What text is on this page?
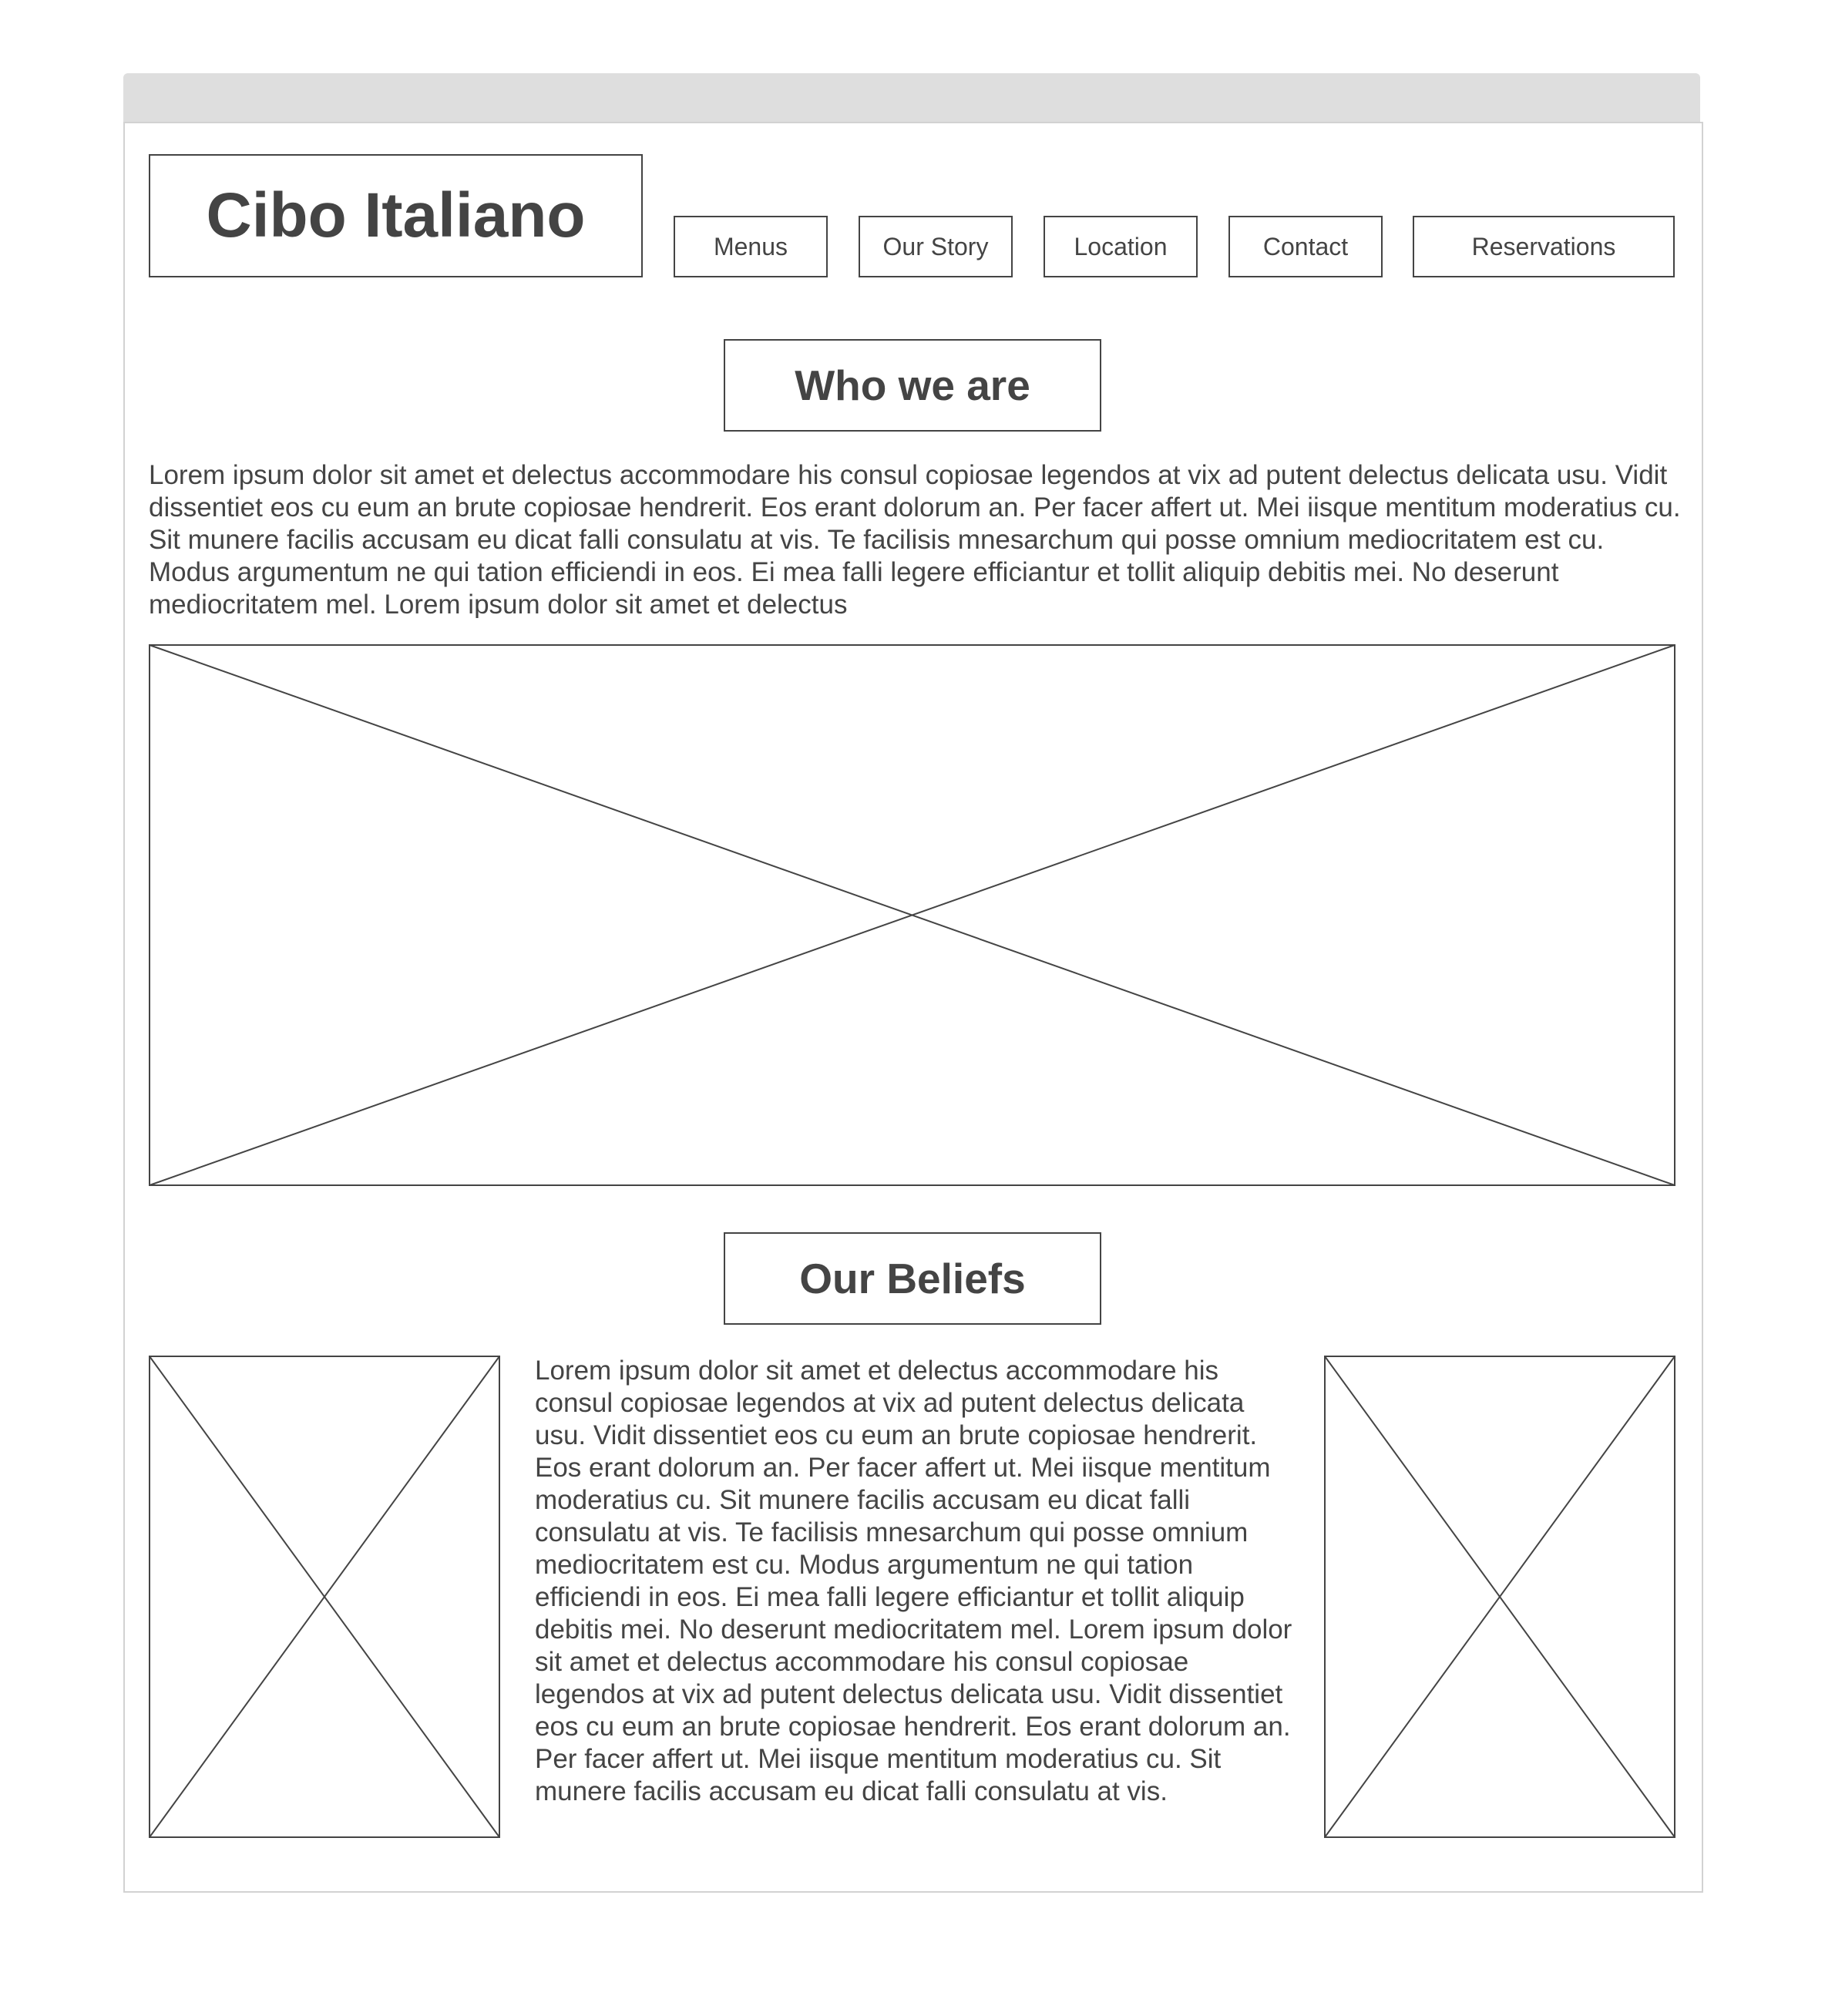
Cibo Italiano	Menus	Our Story	Location	Contact	Reservations
Who we are

Lorem ipsum dolor sit amet et delectus accommodare his consul copiosae legendos at vix ad putent delectus delicata usu. Vidit dissentiet eos cu eum an brute copiosae hendrerit. Eos erant dolorum an. Per facer affert ut. Mei iisque mentitum moderatius cu. Sit munere facilis accusam eu dicat falli consulatu at vis. Te facilisis mnesarchum qui posse omnium mediocritatem est cu. Modus argumentum ne qui tation efficiendi in eos. Ei mea falli legere efficiantur et tollit aliquip debitis mei. No deserunt mediocritatem mel. Lorem ipsum dolor sit amet et delectus

Our Beliefs

Lorem ipsum dolor sit amet et delectus accommodare his consul copiosae legendos at vix ad putent delectus delicata usu. Vidit dissentiet eos cu eum an brute copiosae hendrerit. Eos erant dolorum an. Per facer affert ut. Mei iisque mentitum moderatius cu. Sit munere facilis accusam eu dicat falli consulatu at vis. Te facilisis mnesarchum qui posse omnium mediocritatem est cu. Modus argumentum ne qui tation efficiendi in eos. Ei mea falli legere efficiantur et tollit aliquip debitis mei. No deserunt mediocritatem mel. Lorem ipsum dolor sit amet et delectus accommodare his consul copiosae legendos at vix ad putent delectus delicata usu. Vidit dissentiet eos cu eum an brute copiosae hendrerit. Eos erant dolorum an. Per facer affert ut. Mei iisque mentitum moderatius cu. Sit munere facilis accusam eu dicat falli consulatu at vis.
